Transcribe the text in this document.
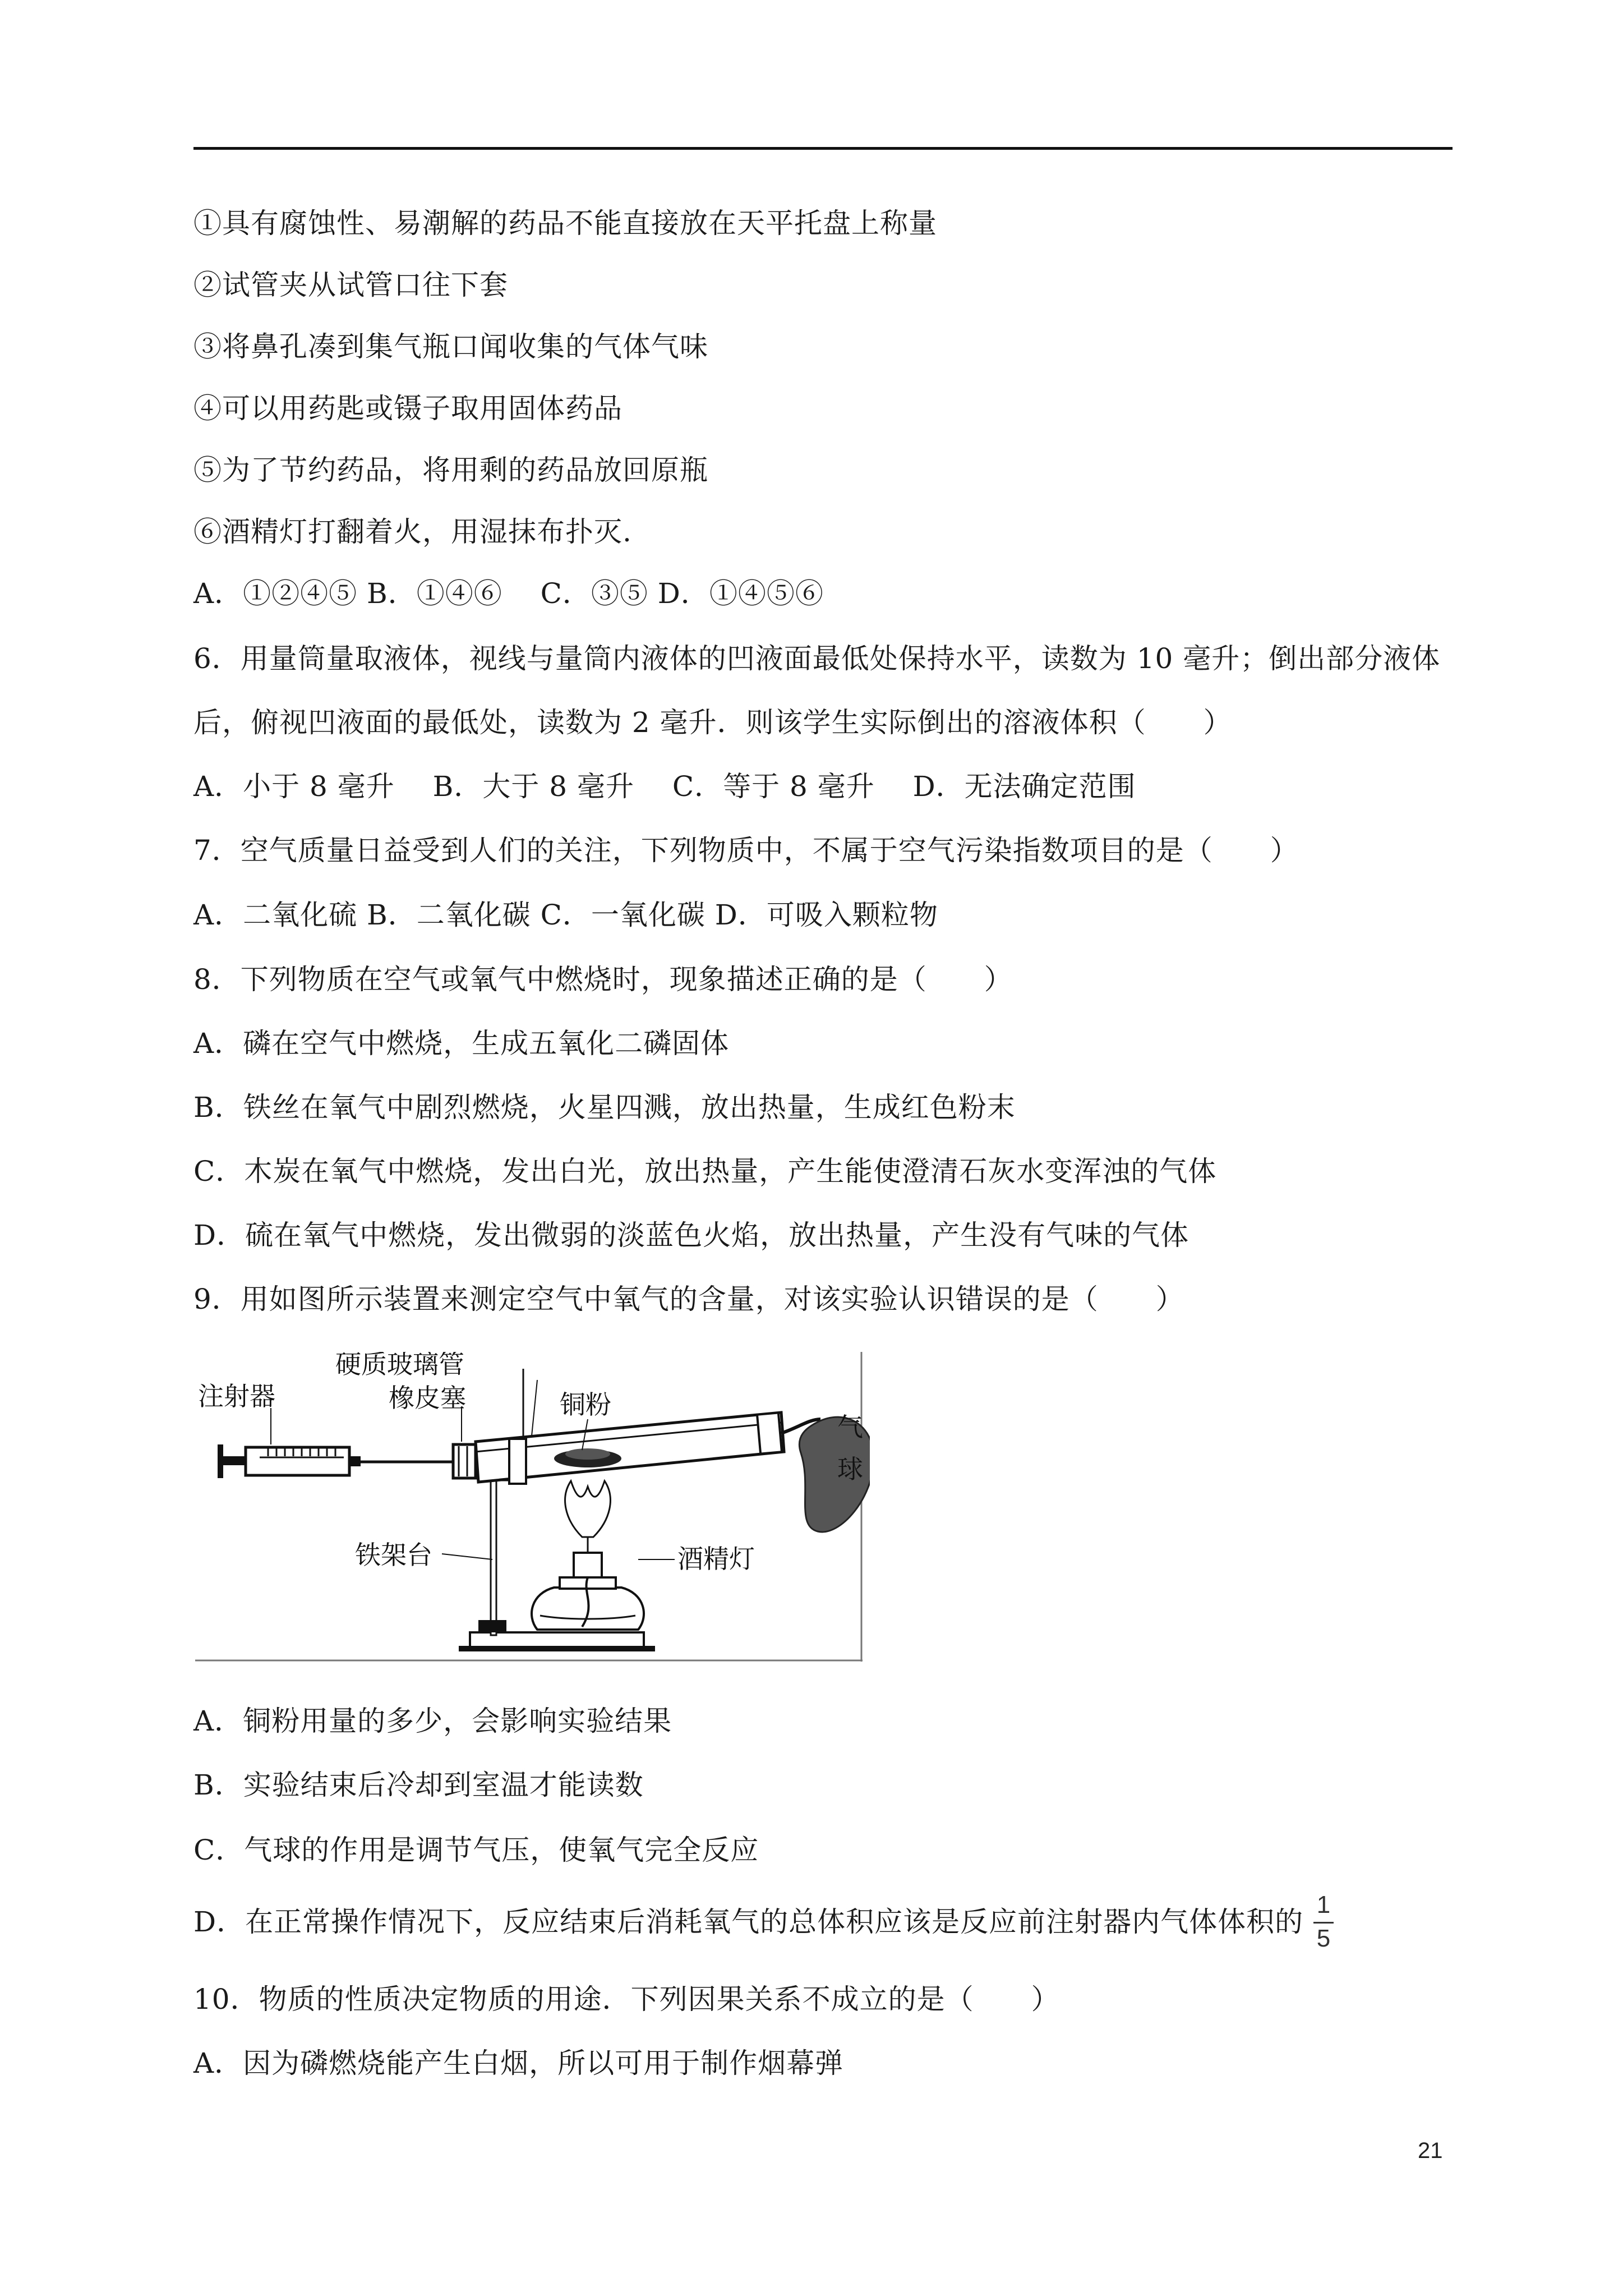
①具有腐蚀性、易潮解的药品不能直接放在天平托盘上称量
②试管夹从试管口往下套
③将鼻孔凑到集气瓶口闻收集的气体气味
④可以用药匙或镊子取用固体药品
⑤为了节约药品，将用剩的药品放回原瓶
⑥酒精灯打翻着火，用湿抹布扑灭.
A．①②④⑤ B．①④⑥　 C．③⑤ D．①④⑤⑥
6．用量筒量取液体，视线与量筒内液体的凹液面最低处保持水平，读数为 10 毫升；倒出部分液体
后，俯视凹液面的最低处，读数为 2 毫升．则该学生实际倒出的溶液体积（　　）
A．小于 8 毫升　 B．大于 8 毫升　 C．等于 8 毫升　 D．无法确定范围
7．空气质量日益受到人们的关注，下列物质中，不属于空气污染指数项目的是（　　）
A．二氧化硫 B．二氧化碳 C．一氧化碳 D．可吸入颗粒物
8．下列物质在空气或氧气中燃烧时，现象描述正确的是（　　）
A．磷在空气中燃烧，生成五氧化二磷固体
B．铁丝在氧气中剧烈燃烧，火星四溅，放出热量，生成红色粉末
C．木炭在氧气中燃烧，发出白光，放出热量，产生能使澄清石灰水变浑浊的气体
D．硫在氧气中燃烧，发出微弱的淡蓝色火焰，放出热量，产生没有气味的气体
9．用如图所示装置来测定空气中氧气的含量，对该实验认识错误的是（　　）
硬质玻璃管
注射器	橡皮塞	铜粉
气
球
铁架台	酒精灯
A．铜粉用量的多少，会影响实验结果
B．实验结束后冷却到室温才能读数
C．气球的作用是调节气压，使氧气完全反应
D．在正常操作情况下，反应结束后消耗氧气的总体积应该是反应前注射器内气体体积的
1
5
10．物质的性质决定物质的用途．下列因果关系不成立的是（　　）
A．因为磷燃烧能产生白烟，所以可用于制作烟幕弹
21
